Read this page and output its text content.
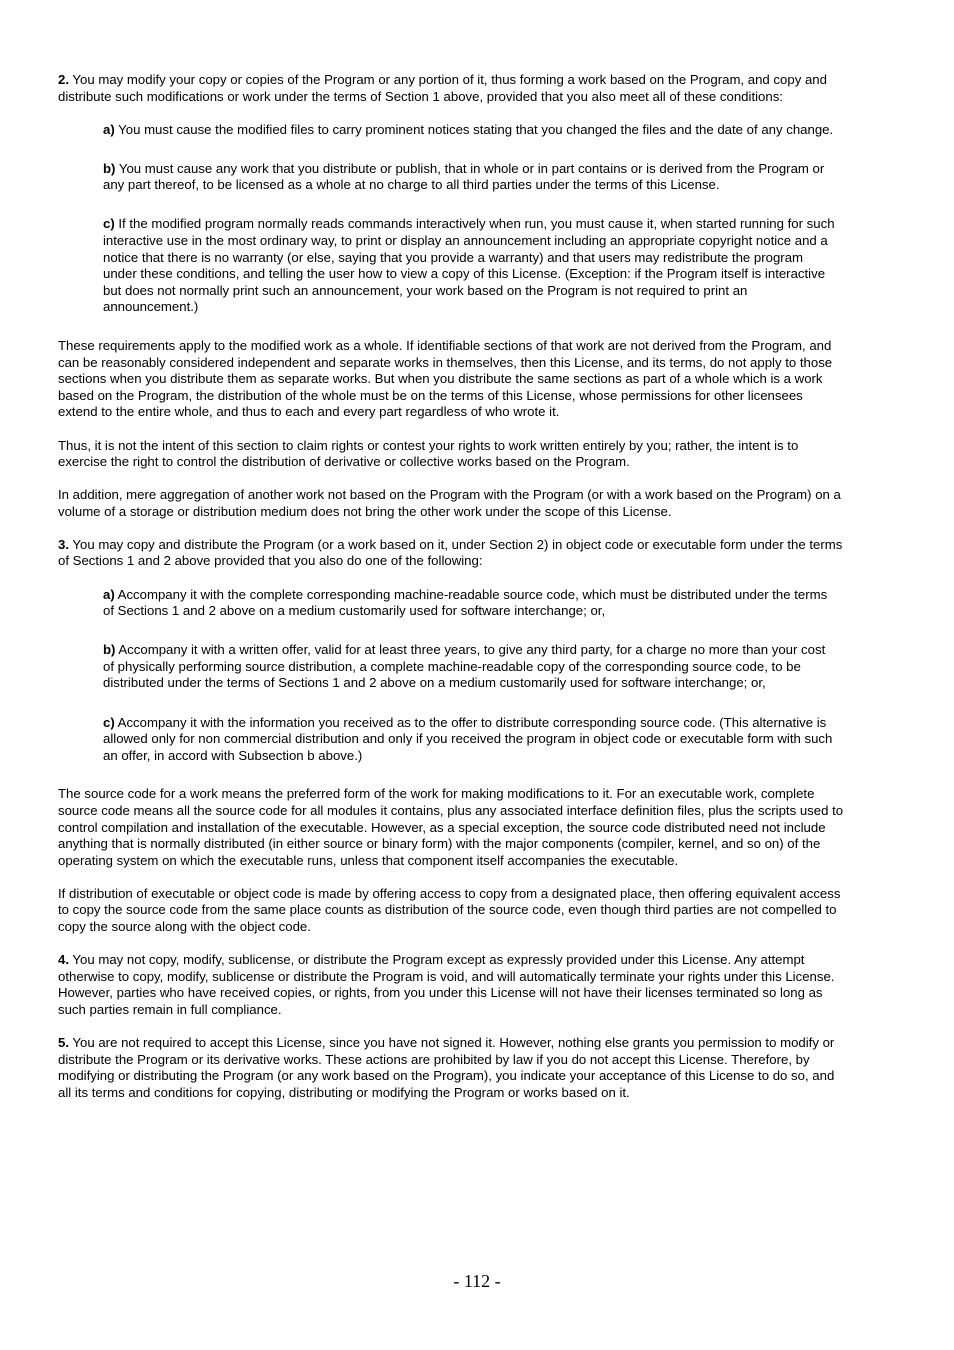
2. You may modify your copy or copies of the Program or any portion of it, thus forming a work based on the Program, and copy and distribute such modifications or work under the terms of Section 1 above, provided that you also meet all of these conditions:

a) You must cause the modified files to carry prominent notices stating that you changed the files and the date of any change.

b) You must cause any work that you distribute or publish, that in whole or in part contains or is derived from the Program or any part thereof, to be licensed as a whole at no charge to all third parties under the terms of this License.

c) If the modified program normally reads commands interactively when run, you must cause it, when started running for such interactive use in the most ordinary way, to print or display an announcement including an appropriate copyright notice and a notice that there is no warranty (or else, saying that you provide a warranty) and that users may redistribute the program under these conditions, and telling the user how to view a copy of this License. (Exception: if the Program itself is interactive but does not normally print such an announcement, your work based on the Program is not required to print an announcement.)

These requirements apply to the modified work as a whole. If identifiable sections of that work are not derived from the Program, and can be reasonably considered independent and separate works in themselves, then this License, and its terms, do not apply to those sections when you distribute them as separate works. But when you distribute the same sections as part of a whole which is a work based on the Program, the distribution of the whole must be on the terms of this License, whose permissions for other licensees extend to the entire whole, and thus to each and every part regardless of who wrote it.

Thus, it is not the intent of this section to claim rights or contest your rights to work written entirely by you; rather, the intent is to exercise the right to control the distribution of derivative or collective works based on the Program.

In addition, mere aggregation of another work not based on the Program with the Program (or with a work based on the Program) on a volume of a storage or distribution medium does not bring the other work under the scope of this License.

3. You may copy and distribute the Program (or a work based on it, under Section 2) in object code or executable form under the terms of Sections 1 and 2 above provided that you also do one of the following:

a) Accompany it with the complete corresponding machine-readable source code, which must be distributed under the terms of Sections 1 and 2 above on a medium customarily used for software interchange; or,

b) Accompany it with a written offer, valid for at least three years, to give any third party, for a charge no more than your cost of physically performing source distribution, a complete machine-readable copy of the corresponding source code, to be distributed under the terms of Sections 1 and 2 above on a medium customarily used for software interchange; or,

c) Accompany it with the information you received as to the offer to distribute corresponding source code. (This alternative is allowed only for non commercial distribution and only if you received the program in object code or executable form with such an offer, in accord with Subsection b above.)

The source code for a work means the preferred form of the work for making modifications to it. For an executable work, complete source code means all the source code for all modules it contains, plus any associated interface definition files, plus the scripts used to control compilation and installation of the executable. However, as a special exception, the source code distributed need not include anything that is normally distributed (in either source or binary form) with the major components (compiler, kernel, and so on) of the operating system on which the executable runs, unless that component itself accompanies the executable.

If distribution of executable or object code is made by offering access to copy from a designated place, then offering equivalent access to copy the source code from the same place counts as distribution of the source code, even though third parties are not compelled to copy the source along with the object code.

4. You may not copy, modify, sublicense, or distribute the Program except as expressly provided under this License. Any attempt otherwise to copy, modify, sublicense or distribute the Program is void, and will automatically terminate your rights under this License. However, parties who have received copies, or rights, from you under this License will not have their licenses terminated so long as such parties remain in full compliance.

5. You are not required to accept this License, since you have not signed it. However, nothing else grants you permission to modify or distribute the Program or its derivative works. These actions are prohibited by law if you do not accept this License. Therefore, by modifying or distributing the Program (or any work based on the Program), you indicate your acceptance of this License to do so, and all its terms and conditions for copying, distributing or modifying the Program or works based on it.

- 112 -
